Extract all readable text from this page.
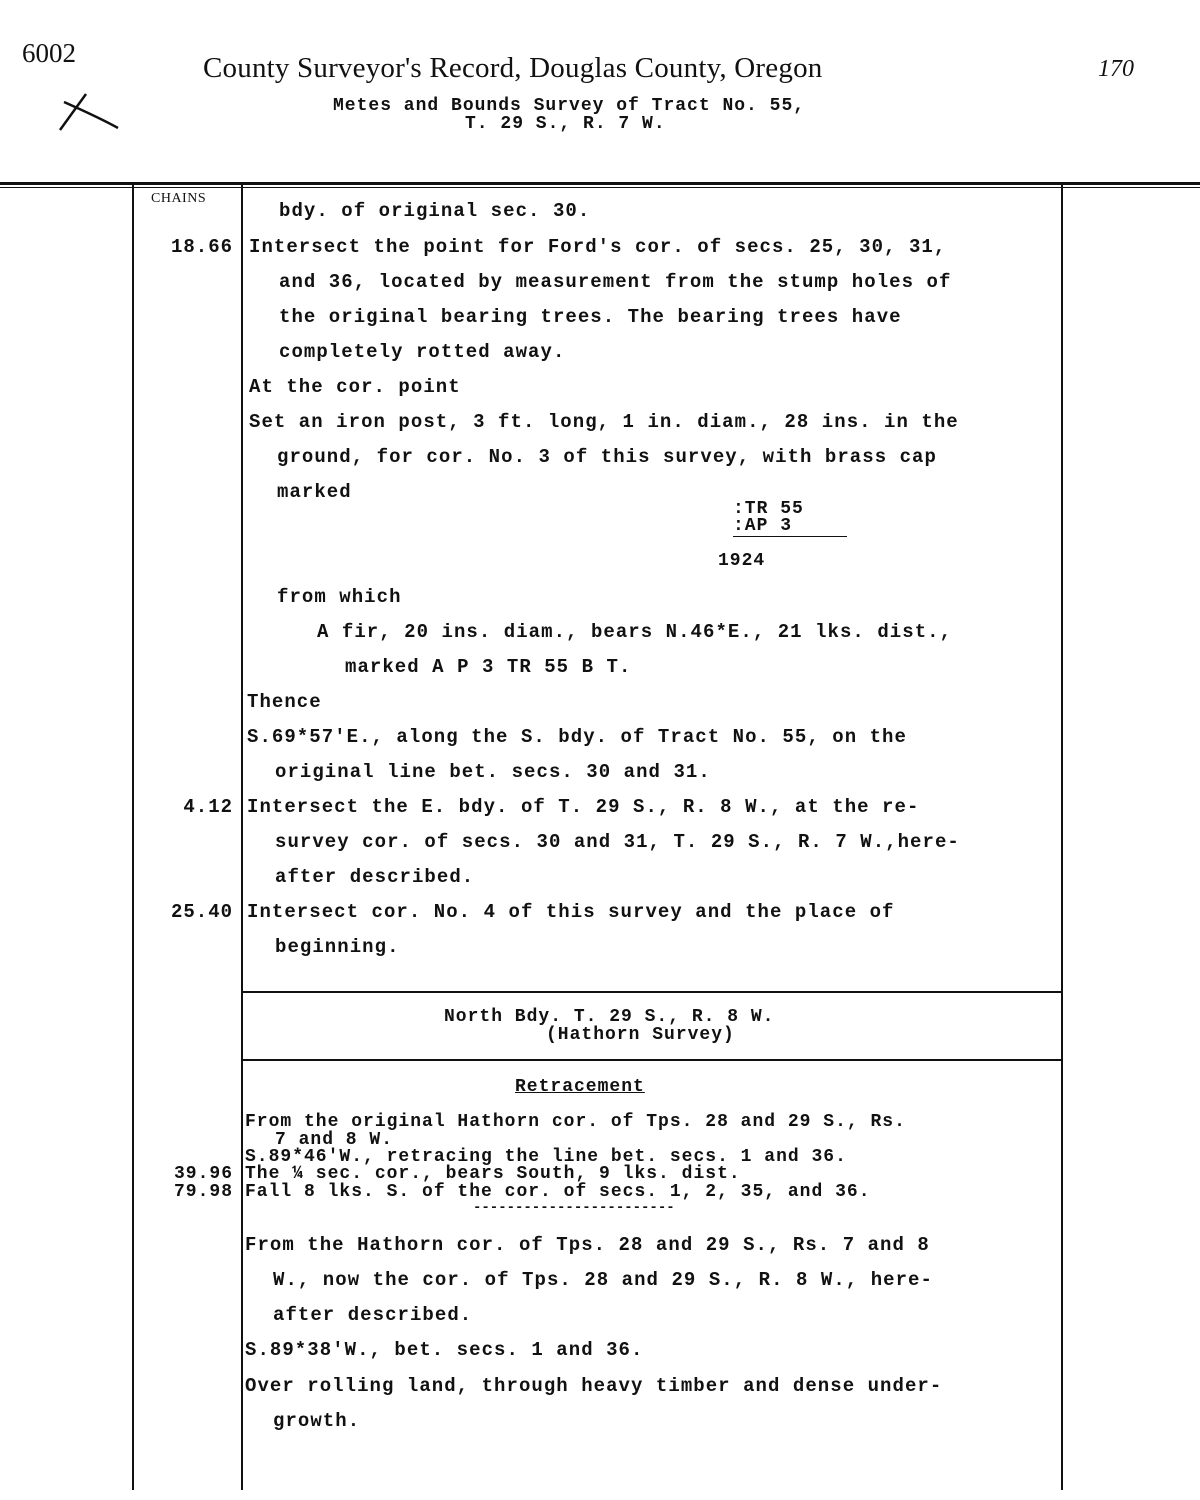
6002	County Surveyor's Record, Douglas County, Oregon	170
Metes and Bounds Survey of Tract No. 55,
T. 29 S., R. 7 W.
CHAINS
18.66
4.12
25.40
39.96
79.98
bdy. of original sec. 30.
Intersect the point for Ford's cor. of secs. 25, 30, 31,
and 36, located by measurement from the stump holes of
the original bearing trees. The bearing trees have
completely rotted away.
At the cor. point
Set an iron post, 3 ft. long, 1 in. diam., 28 ins. in the
ground, for cor. No. 3 of this survey, with brass cap
marked
:TR 55
:AP 3
1924
from which
A fir, 20 ins. diam., bears N.46*E., 21 lks. dist.,
marked A P 3 TR 55 B T.
Thence
S.69*57'E., along the S. bdy. of Tract No. 55, on the
original line bet. secs. 30 and 31.
Intersect the E. bdy. of T. 29 S., R. 8 W., at the re-
survey cor. of secs. 30 and 31, T. 29 S., R. 7 W.,here-
after described.
Intersect cor. No. 4 of this survey and the place of
beginning.
North Bdy. T. 29 S., R. 8 W.
(Hathorn Survey)
Retracement
From the original Hathorn cor. of Tps. 28 and 29 S., Rs.
7 and 8 W.
S.89*46'W., retracing the line bet. secs. 1 and 36.
The ¼ sec. cor., bears South, 9 lks. dist.
Fall 8 lks. S. of the cor. of secs. 1, 2, 35, and 36.
------------------------
From the Hathorn cor. of Tps. 28 and 29 S., Rs. 7 and 8
W., now the cor. of Tps. 28 and 29 S., R. 8 W., here-
after described.
S.89*38'W., bet. secs. 1 and 36.
Over rolling land, through heavy timber and dense under-
growth.
